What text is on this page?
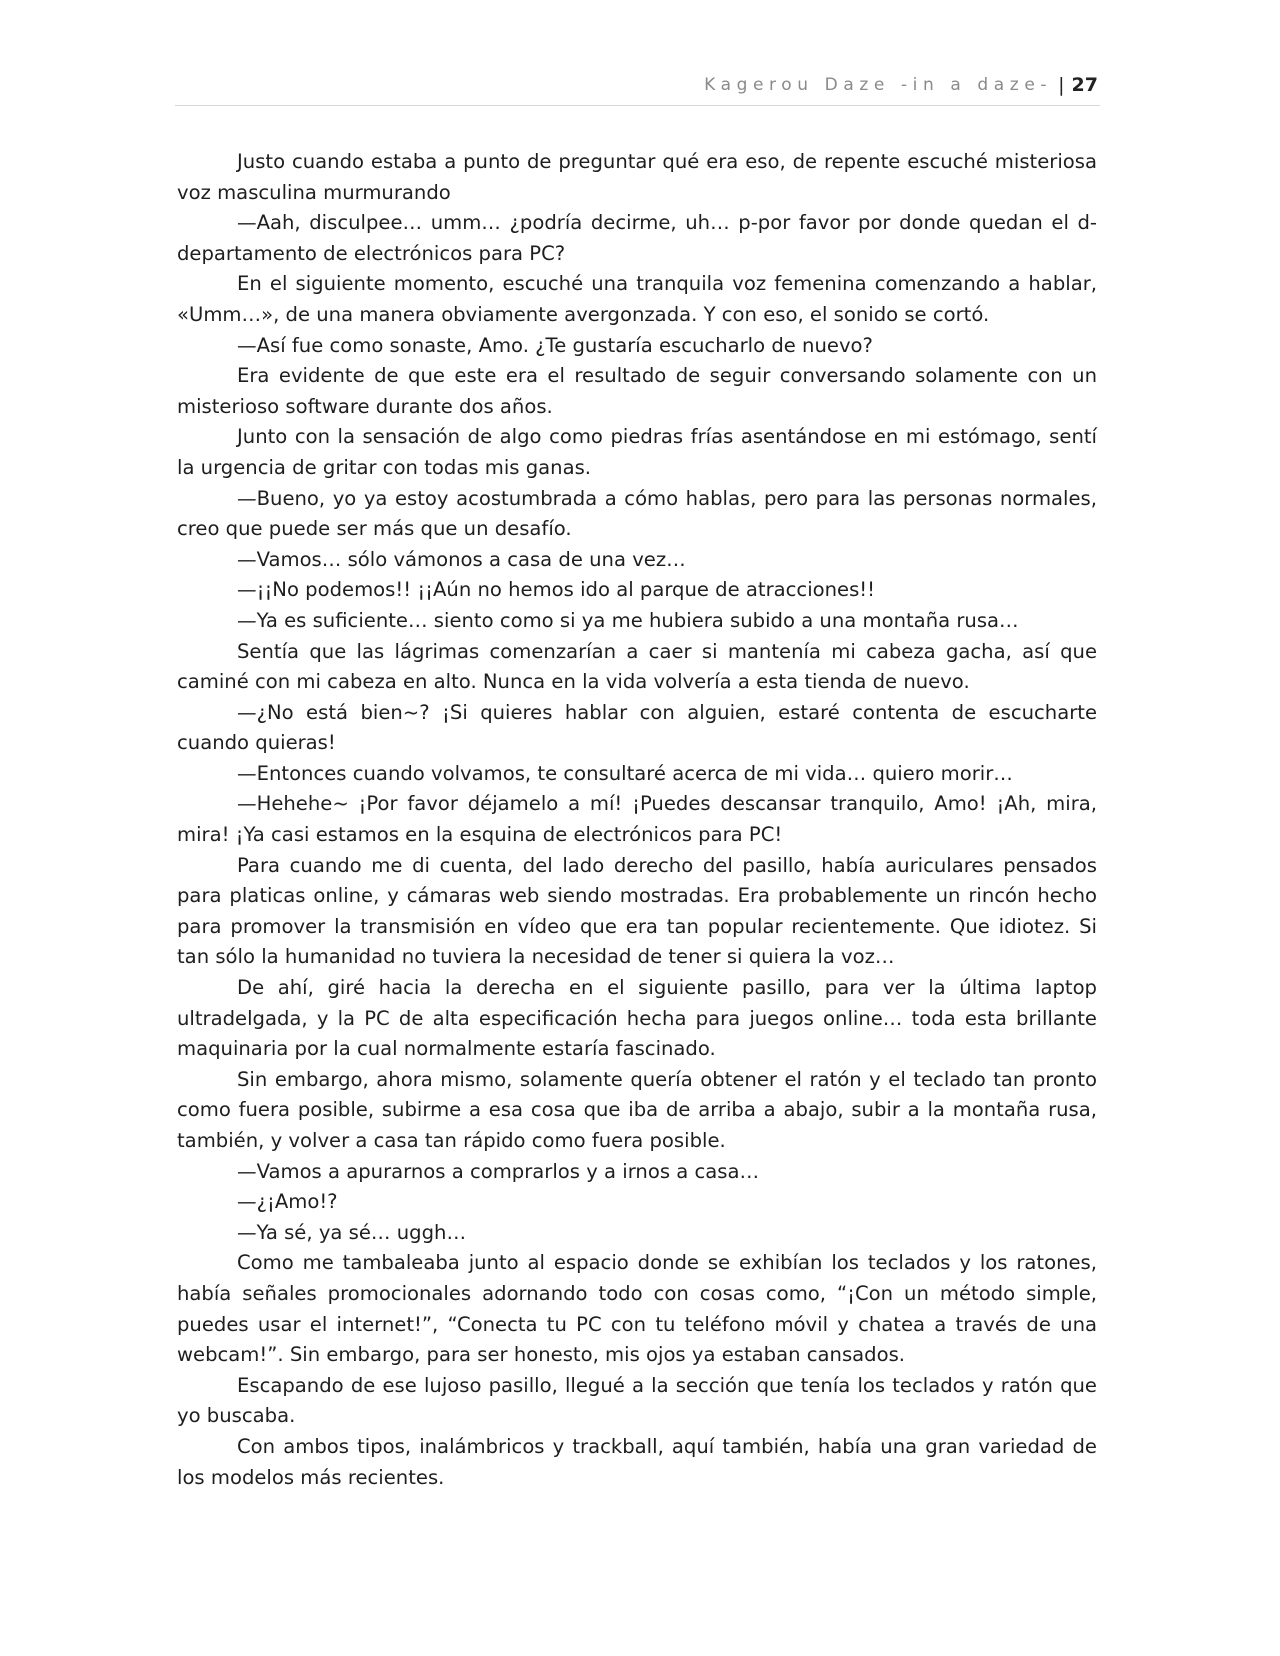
Kagerou Daze -in a daze- | 27

Justo cuando estaba a punto de preguntar qué era eso, de repente escuché misteriosa voz masculina murmurando

—Aah, disculpee… umm… ¿podría decirme, uh… p-por favor por donde quedan el d-departamento de electrónicos para PC?

En el siguiente momento, escuché una tranquila voz femenina comenzando a hablar, «Umm…», de una manera obviamente avergonzada. Y con eso, el sonido se cortó.

—Así fue como sonaste, Amo. ¿Te gustaría escucharlo de nuevo?

Era evidente de que este era el resultado de seguir conversando solamente con un misterioso software durante dos años.

Junto con la sensación de algo como piedras frías asentándose en mi estómago, sentí la urgencia de gritar con todas mis ganas.

—Bueno, yo ya estoy acostumbrada a cómo hablas, pero para las personas normales, creo que puede ser más que un desafío.

—Vamos… sólo vámonos a casa de una vez…

—¡¡No podemos!! ¡¡Aún no hemos ido al parque de atracciones!!

—Ya es suficiente… siento como si ya me hubiera subido a una montaña rusa…

Sentía que las lágrimas comenzarían a caer si mantenía mi cabeza gacha, así que caminé con mi cabeza en alto. Nunca en la vida volvería a esta tienda de nuevo.

—¿No está bien~? ¡Si quieres hablar con alguien, estaré contenta de escucharte cuando quieras!

—Entonces cuando volvamos, te consultaré acerca de mi vida… quiero morir…

—Hehehe~ ¡Por favor déjamelo a mí! ¡Puedes descansar tranquilo, Amo! ¡Ah, mira, mira! ¡Ya casi estamos en la esquina de electrónicos para PC!

Para cuando me di cuenta, del lado derecho del pasillo, había auriculares pensados para platicas online, y cámaras web siendo mostradas. Era probablemente un rincón hecho para promover la transmisión en vídeo que era tan popular recientemente. Que idiotez. Si tan sólo la humanidad no tuviera la necesidad de tener si quiera la voz…

De ahí, giré hacia la derecha en el siguiente pasillo, para ver la última laptop ultradelgada, y la PC de alta especificación hecha para juegos online… toda esta brillante maquinaria por la cual normalmente estaría fascinado.

Sin embargo, ahora mismo, solamente quería obtener el ratón y el teclado tan pronto como fuera posible, subirme a esa cosa que iba de arriba a abajo, subir a la montaña rusa, también, y volver a casa tan rápido como fuera posible.

—Vamos a apurarnos a comprarlos y a irnos a casa…

—¿¡Amo!?

—Ya sé, ya sé… uggh…

Como me tambaleaba junto al espacio donde se exhibían los teclados y los ratones, había señales promocionales adornando todo con cosas como, “¡Con un método simple, puedes usar el internet!”, “Conecta tu PC con tu teléfono móvil y chatea a través de una webcam!”. Sin embargo, para ser honesto, mis ojos ya estaban cansados.

Escapando de ese lujoso pasillo, llegué a la sección que tenía los teclados y ratón que yo buscaba.

Con ambos tipos, inalámbricos y trackball, aquí también, había una gran variedad de los modelos más recientes.
